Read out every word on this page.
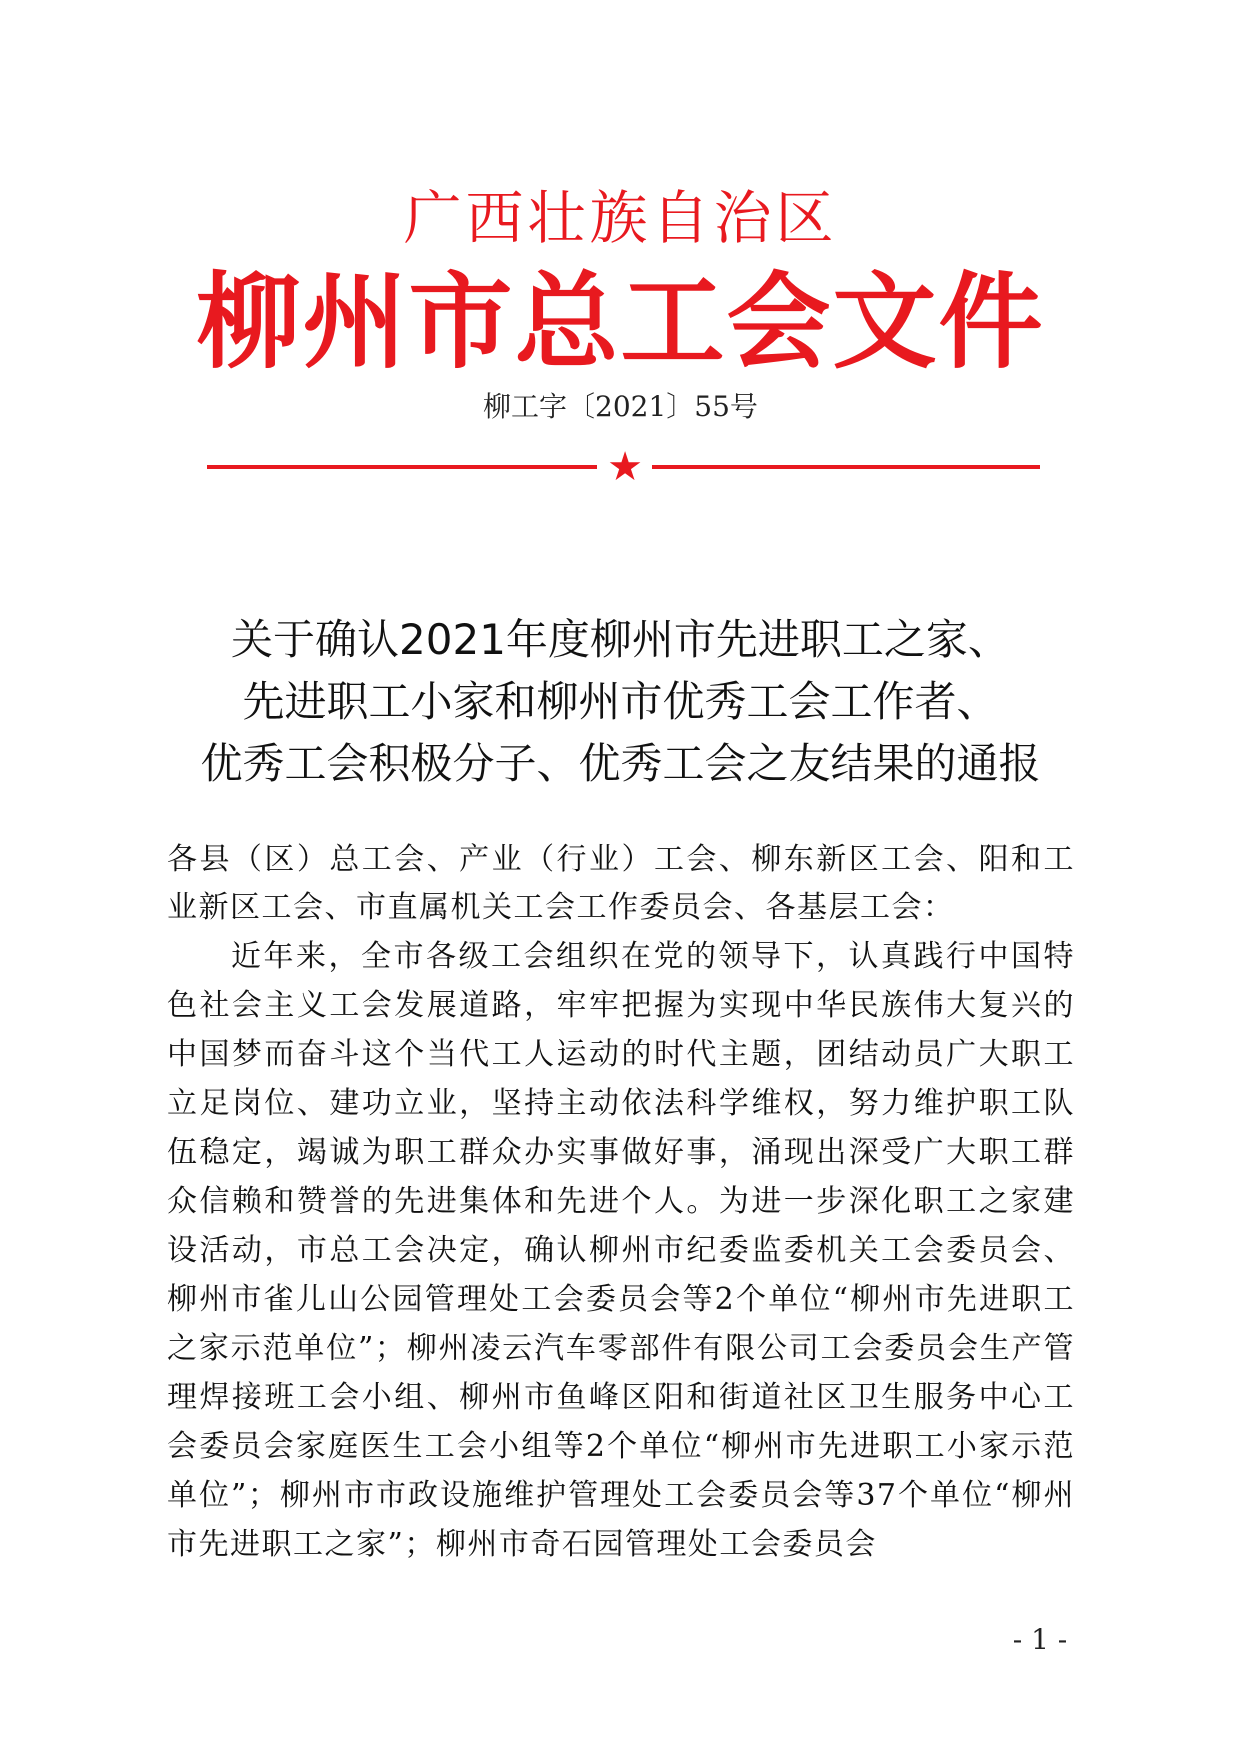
广西壮族自治区
柳州市总工会文件
柳工字〔2021〕55号
★
关于确认2021年度柳州市先进职工之家、
先进职工小家和柳州市优秀工会工作者、
优秀工会积极分子、优秀工会之友结果的通报
各县（区）总工会、产业（行业）工会、柳东新区工会、阳和工业新区工会、市直属机关工会工作委员会、各基层工会：
近年来，全市各级工会组织在党的领导下，认真践行中国特色社会主义工会发展道路，牢牢把握为实现中华民族伟大复兴的中国梦而奋斗这个当代工人运动的时代主题，团结动员广大职工立足岗位、建功立业，坚持主动依法科学维权，努力维护职工队伍稳定，竭诚为职工群众办实事做好事，涌现出深受广大职工群众信赖和赞誉的先进集体和先进个人。为进一步深化职工之家建设活动，市总工会决定，确认柳州市纪委监委机关工会委员会、柳州市雀儿山公园管理处工会委员会等2个单位“柳州市先进职工之家示范单位”；柳州凌云汽车零部件有限公司工会委员会生产管理焊接班工会小组、柳州市鱼峰区阳和街道社区卫生服务中心工会委员会家庭医生工会小组等2个单位“柳州市先进职工小家示范单位”；柳州市市政设施维护管理处工会委员会等37个单位“柳州市先进职工之家”；柳州市奇石园管理处工会委员会
- 1 -
